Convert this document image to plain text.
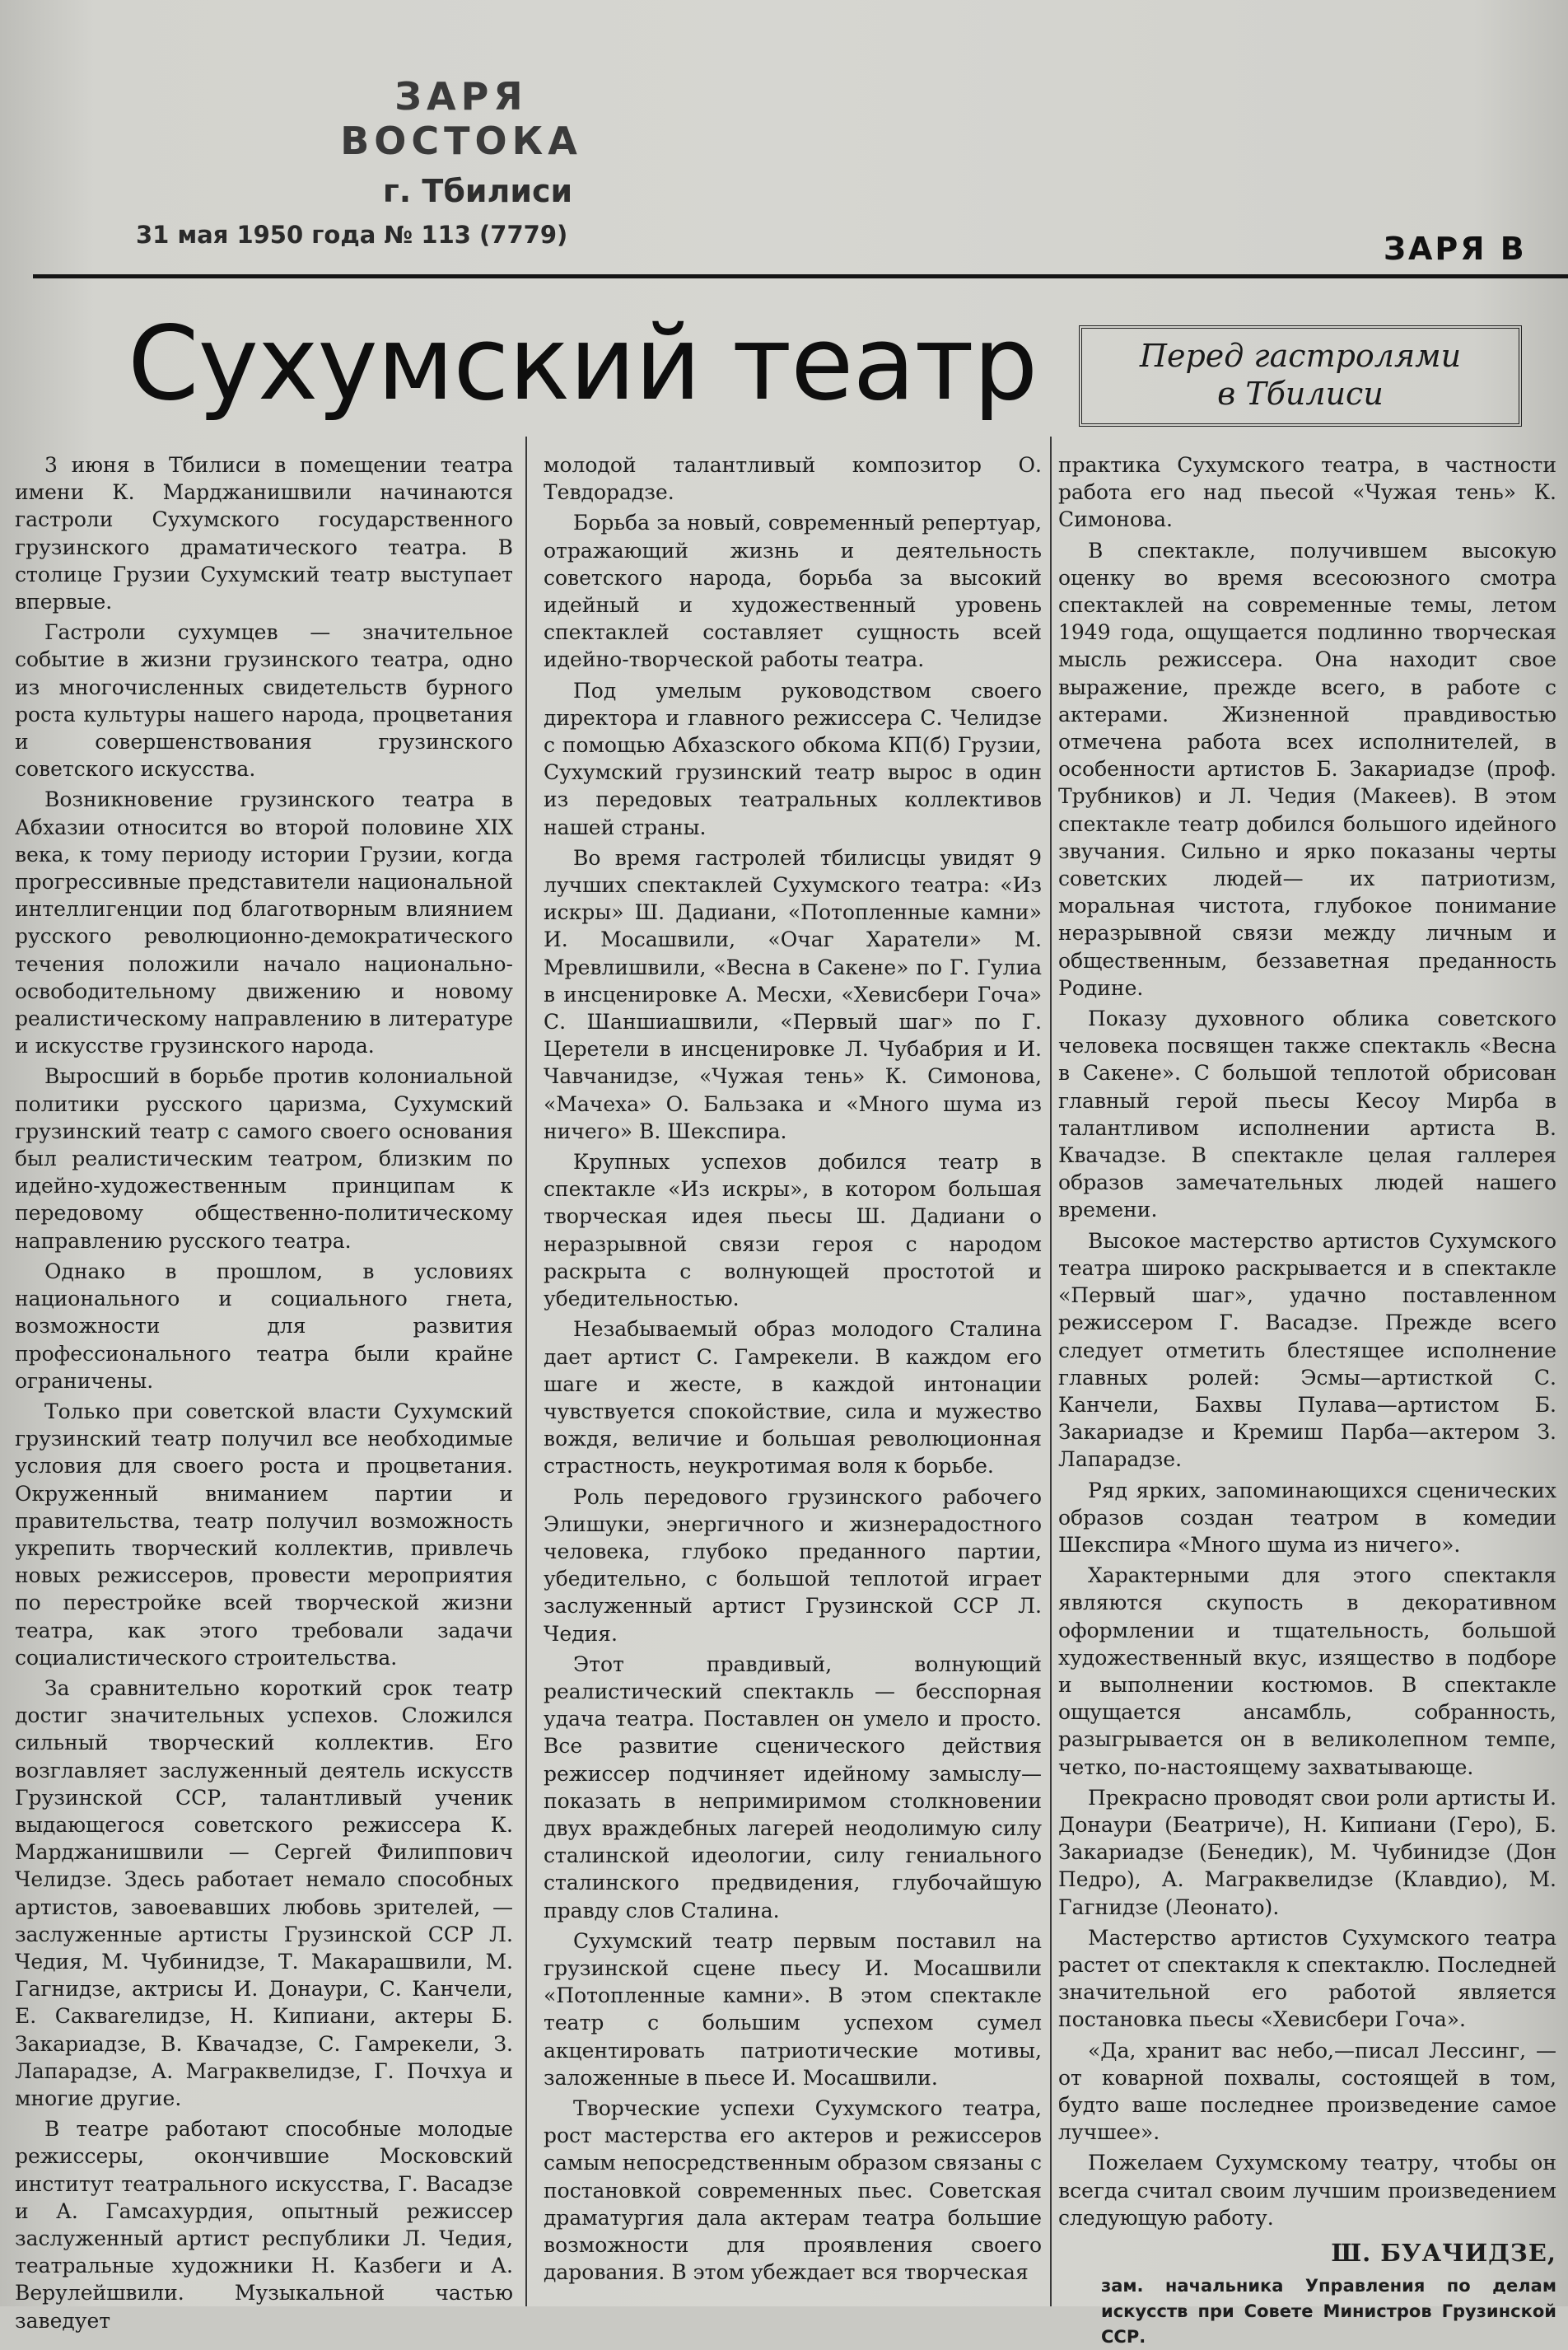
ЗАРЯ ВОСТОКА
г. Тбилиси
31 мая 1950 года № 113 (7779)	ЗАРЯ В
Сухумский театр	Перед гастролями
в Тбилиси

3 июня в Тбилиси в помещении театра имени К. Марджанишвили начинаются гастроли Сухумского государственного грузинского драматического театра. В столице Грузии Сухумский театр выступает впервые.

Гастроли сухумцев — значительное событие в жизни грузинского театра, одно из многочисленных свидетельств бурного роста культуры нашего народа, процветания и совершенствования грузинского советского искусства.

Возникновение грузинского театра в Абхазии относится во второй половине XIX века, к тому периоду истории Грузии, когда прогрессивные представители национальной интеллигенции под благотворным влиянием русского революционно-демократического течения положили начало национально-освободительному движению и новому реалистическому направлению в литературе и искусстве грузинского народа.

Выросший в борьбе против колониальной политики русского царизма, Сухумский грузинский театр с самого своего основания был реалистическим театром, близким по идейно-художественным принципам к передовому общественно-политическому направлению русского театра.

Однако в прошлом, в условиях национального и социального гнета, возможности для развития профессионального театра были крайне ограничены.

Только при советской власти Сухумский грузинский театр получил все необходимые условия для своего роста и процветания. Окруженный вниманием партии и правительства, театр получил возможность укрепить творческий коллектив, привлечь новых режиссеров, провести мероприятия по перестройке всей творческой жизни театра, как этого требовали задачи социалистического строительства.

За сравнительно короткий срок театр достиг значительных успехов. Сложился сильный творческий коллектив. Его возглавляет заслуженный деятель искусств Грузинской ССР, талантливый ученик выдающегося советского режиссера К. Марджанишвили — Сергей Филиппович Челидзе. Здесь работает немало способных артистов, завоевавших любовь зрителей, — заслуженные артисты Грузинской ССР Л. Чедия, М. Чубинидзе, Т. Макарашвили, М. Гагнидзе, актрисы И. Донаури, С. Канчели, Е. Саквarелидзе, Н. Кипиани, актеры Б. Закариадзе, В. Квачадзе, С. Гамрекели, З. Лапарадзе, А. Маграквелидзе, Г. Почхуа и многие другие.

В театре работают способные молодые режиссеры, окончившие Московский институт театрального искусства, Г. Васадзе и А. Гамсахурдия, опытный режиссер заслуженный артист республики Л. Чедия, театральные художники Н. Казбеги и А. Верулейшвили. Музыкальной частью заведует

молодой талантливый композитор О. Тевдорадзе.

Борьба за новый, современный репертуар, отражающий жизнь и деятельность советского народа, борьба за высокий идейный и художественный уровень спектаклей составляет сущность всей идейно-творческой работы театра.

Под умелым руководством своего директора и главного режиссера С. Челидзе с помощью Абхазского обкома КП(б) Грузии, Сухумский грузинский театр вырос в один из передовых театральных коллективов нашей страны.

Во время гастролей тбилисцы увидят 9 лучших спектаклей Сухумского театра: «Из искры» Ш. Дадиани, «Потопленные камни» И. Мосашвили, «Очаг Харатели» М. Мревлишвили, «Весна в Сакене» по Г. Гулиа в инсценировке А. Месхи, «Хевисбери Гоча» С. Шаншиашвили, «Первый шаг» по Г. Церетели в инсценировке Л. Чубабрия и И. Чавчанидзе, «Чужая тень» К. Симонова, «Мачеха» О. Бальзака и «Много шума из ничего» В. Шекспира.

Крупных успехов добился театр в спектакле «Из искры», в котором большая творческая идея пьесы Ш. Дадиани о неразрывной связи героя с народом раскрыта с волнующей простотой и убедительностью.

Незабываемый образ молодого Сталина дает артист С. Гамрекели. В каждом его шаге и жесте, в каждой интонации чувствуется спокойствие, сила и мужество вождя, величие и большая революционная страстность, неукротимая воля к борьбе.

Роль передового грузинского рабочего Элишуки, энергичного и жизнерадостного человека, глубоко преданного партии, убедительно, с большой теплотой играет заслуженный артист Грузинской ССР Л. Чедия.

Этот правдивый, волнующий реалистический спектакль — бесспорная удача театра. Поставлен он умело и просто. Все развитие сценического действия режиссер подчиняет идейному замыслу—показать в непримиримом столкновении двух враждебных лагерей неодолимую силу сталинской идеологии, силу гениального сталинского предвидения, глубочайшую правду слов Сталина.

Сухумский театр первым поставил на грузинской сцене пьесу И. Мосашвили «Потопленные камни». В этом спектакле театр с большим успехом сумел акцентировать патриотические мотивы, заложенные в пьесе И. Мосашвили.

Творческие успехи Сухумского театра, рост мастерства его актеров и режиссеров самым непосредственным образом связаны с постановкой современных пьес. Советская драматургия дала актерам театра большие возможности для проявления своего дарования. В этом убеждает вся творческая

практика Сухумского театра, в частности работа его над пьесой «Чужая тень» К. Симонова.

В спектакле, получившем высокую оценку во время всесоюзного смотра спектаклей на современные темы, летом 1949 года, ощущается подлинно творческая мысль режиссера. Она находит свое выражение, прежде всего, в работе с актерами. Жизненной правдивостью отмечена работа всех исполнителей, в особенности артистов Б. Закариадзе (проф. Трубников) и Л. Чедия (Макеев). В этом спектакле театр добился большого идейного звучания. Сильно и ярко показаны черты советских людей— их патриотизм, моральная чистота, глубокое понимание неразрывной связи между личным и общественным, беззаветная преданность Родине.

Показу духовного облика советского человека посвящен также спектакль «Весна в Сакене». С большой теплотой обрисован главный герой пьесы Кесоу Мирба в талантливом исполнении артиста В. Квачадзе. В спектакле целая галлерея образов замечательных людей нашего времени.

Высокое мастерство артистов Сухумского театра широко раскрывается и в спектакле «Первый шаг», удачно поставленном режиссером Г. Васадзе. Прежде всего следует отметить блестящее исполнение главных ролей: Эсмы—артисткой С. Канчели, Бахвы Пулава—артистом Б. Закариадзе и Кремиш Парба—актером З. Лапарадзе.

Ряд ярких, запоминающихся сценических образов создан театром в комедии Шекспира «Много шума из ничего».

Характерными для этого спектакля являются скупость в декоративном оформлении и тщательность, большой художественный вкус, изящество в подборе и выполнении костюмов. В спектакле ощущается ансамбль, собранность, разыгрывается он в великолепном темпе, четко, по-настоящему захватывающе.

Прекрасно проводят свои роли артисты И. Донаури (Беатриче), Н. Кипиани (Геро), Б. Закариадзе (Бенедик), М. Чубинидзе (Дон Педро), А. Маграквелидзе (Клавдио), М. Гагнидзе (Леонато).

Мастерство артистов Сухумского театра растет от спектакля к спектаклю. Последней значительной его работой является постановка пьесы «Хевисбери Гоча».

«Да, хранит вас небо,—писал Лессинг, —от коварной похвалы, состоящей в том, будто ваше последнее произведение самое лучшее».

Пожелаем Сухумскому театру, чтобы он всегда считал своим лучшим произведением следующую работу.

Ш. БУАЧИДЗЕ,
зам. начальника Управления по делам искусств при Совете Министров Грузинской ССР.
